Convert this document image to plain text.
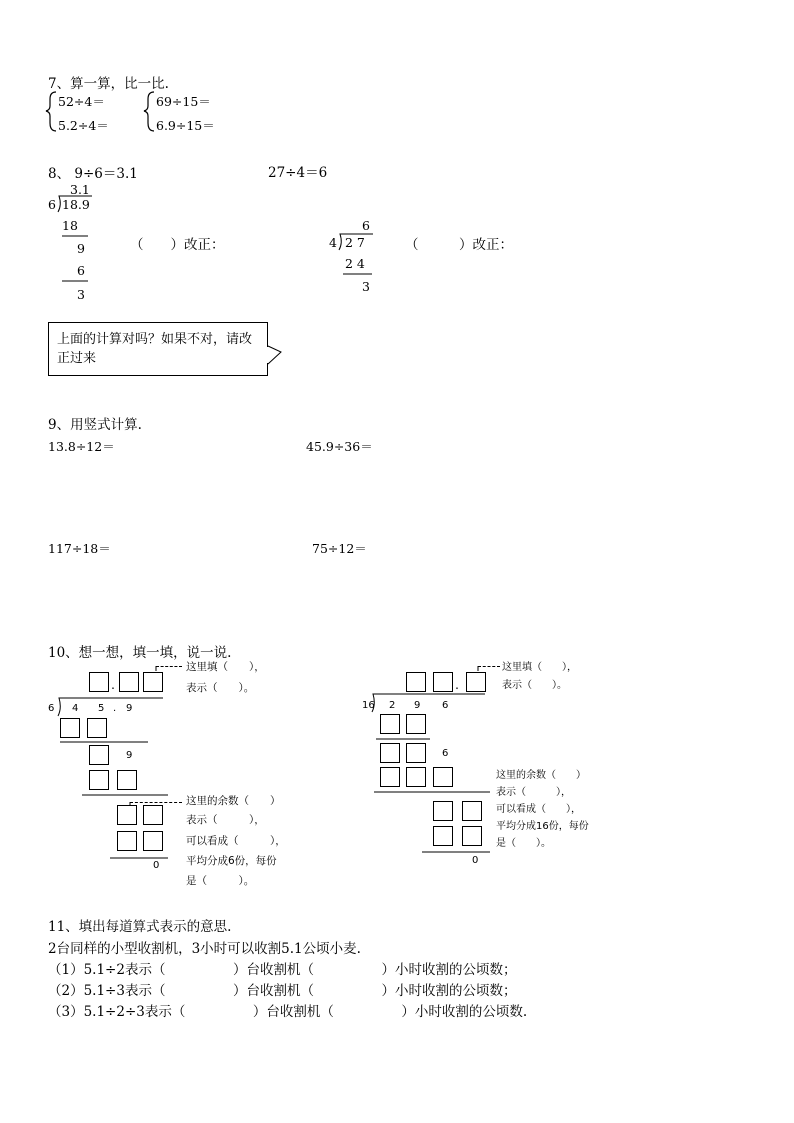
7、算一算，比一比.
52÷4＝
5.2÷4＝
69÷15＝
6.9÷15＝
8、 9÷6＝3.1	27÷4＝6
3.1
6 18.9
18
9
6
3
（　　）改正：
6
4 2 7
2 4
3
（　　　）改正：
上面的计算对吗？如果不对，请改正过来
9、用竖式计算.
13.8÷12＝	45.9÷36＝
117÷18＝	75÷12＝
10、想一想，填一填，说一说.
.
这里填（　　），
表示（　　）。
6 4 5 . 9
9
这里的余数（　　）
表示（　　　），
可以看成（　　　），
平均分成6份，每份
是（　　　）。
0
.
这里填（　　），
表示（　　）。
16 2 9 6
6
这里的余数（　　）
表示（　　　），
可以看成（　　），
平均分成16份，每份
是（　　）。
0
11、填出每道算式表示的意思.
2台同样的小型收割机，3小时可以收割5.1公顷小麦.
（1）5.1÷2表示（　　　　　）台收割机（　　　　　）小时收割的公顷数；
（2）5.1÷3表示（　　　　　）台收割机（　　　　　）小时收割的公顷数；
（3）5.1÷2÷3表示（　　　　　）台收割机（　　　　　）小时收割的公顷数.
